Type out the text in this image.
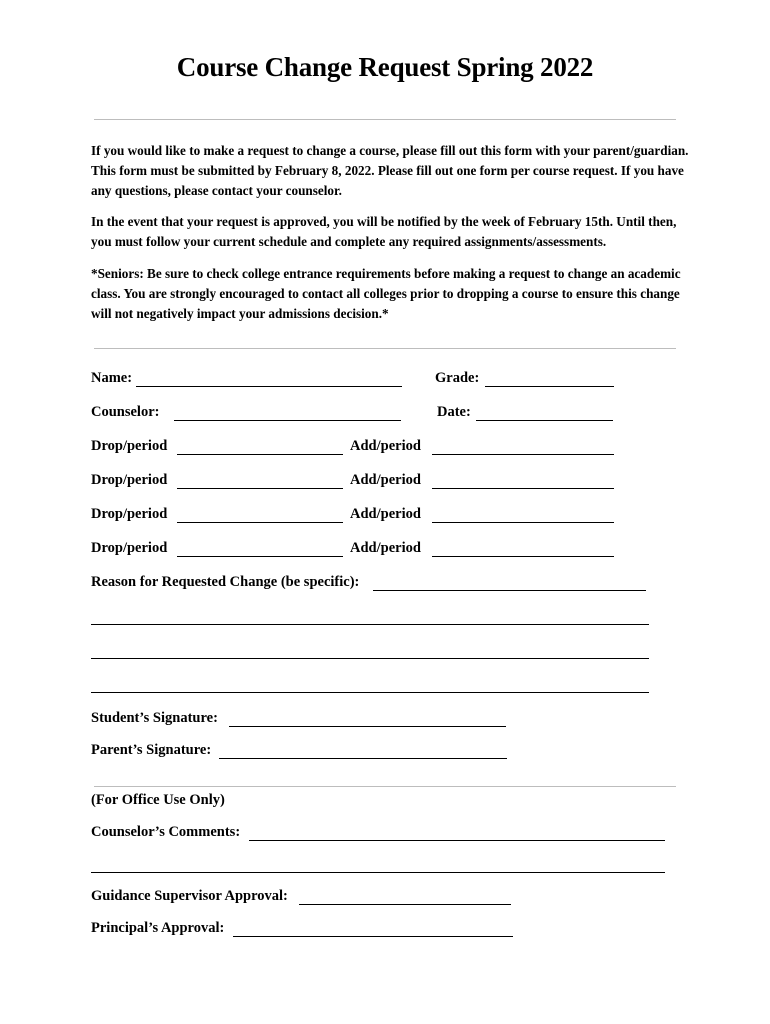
Course Change Request Spring 2022

If you would like to make a request to change a course, please fill out this form with your parent/guardian. This form must be submitted by February 8, 2022. Please fill out one form per course request. If you have any questions, please contact your counselor.

In the event that your request is approved, you will be notified by the week of February 15th. Until then, you must follow your current schedule and complete any required assignments/assessments.

*Seniors: Be sure to check college entrance requirements before making a request to change an academic class. You are strongly encouraged to contact all colleges prior to dropping a course to ensure this change will not negatively impact your admissions decision.*

Name:	Grade:
Counselor:	Date:
Drop/period	Add/period
Drop/period	Add/period
Drop/period	Add/period
Drop/period	Add/period
Reason for Requested Change (be specific):
Student’s Signature:
Parent’s Signature:
(For Office Use Only)
Counselor’s Comments:
Guidance Supervisor Approval:
Principal’s Approval:
